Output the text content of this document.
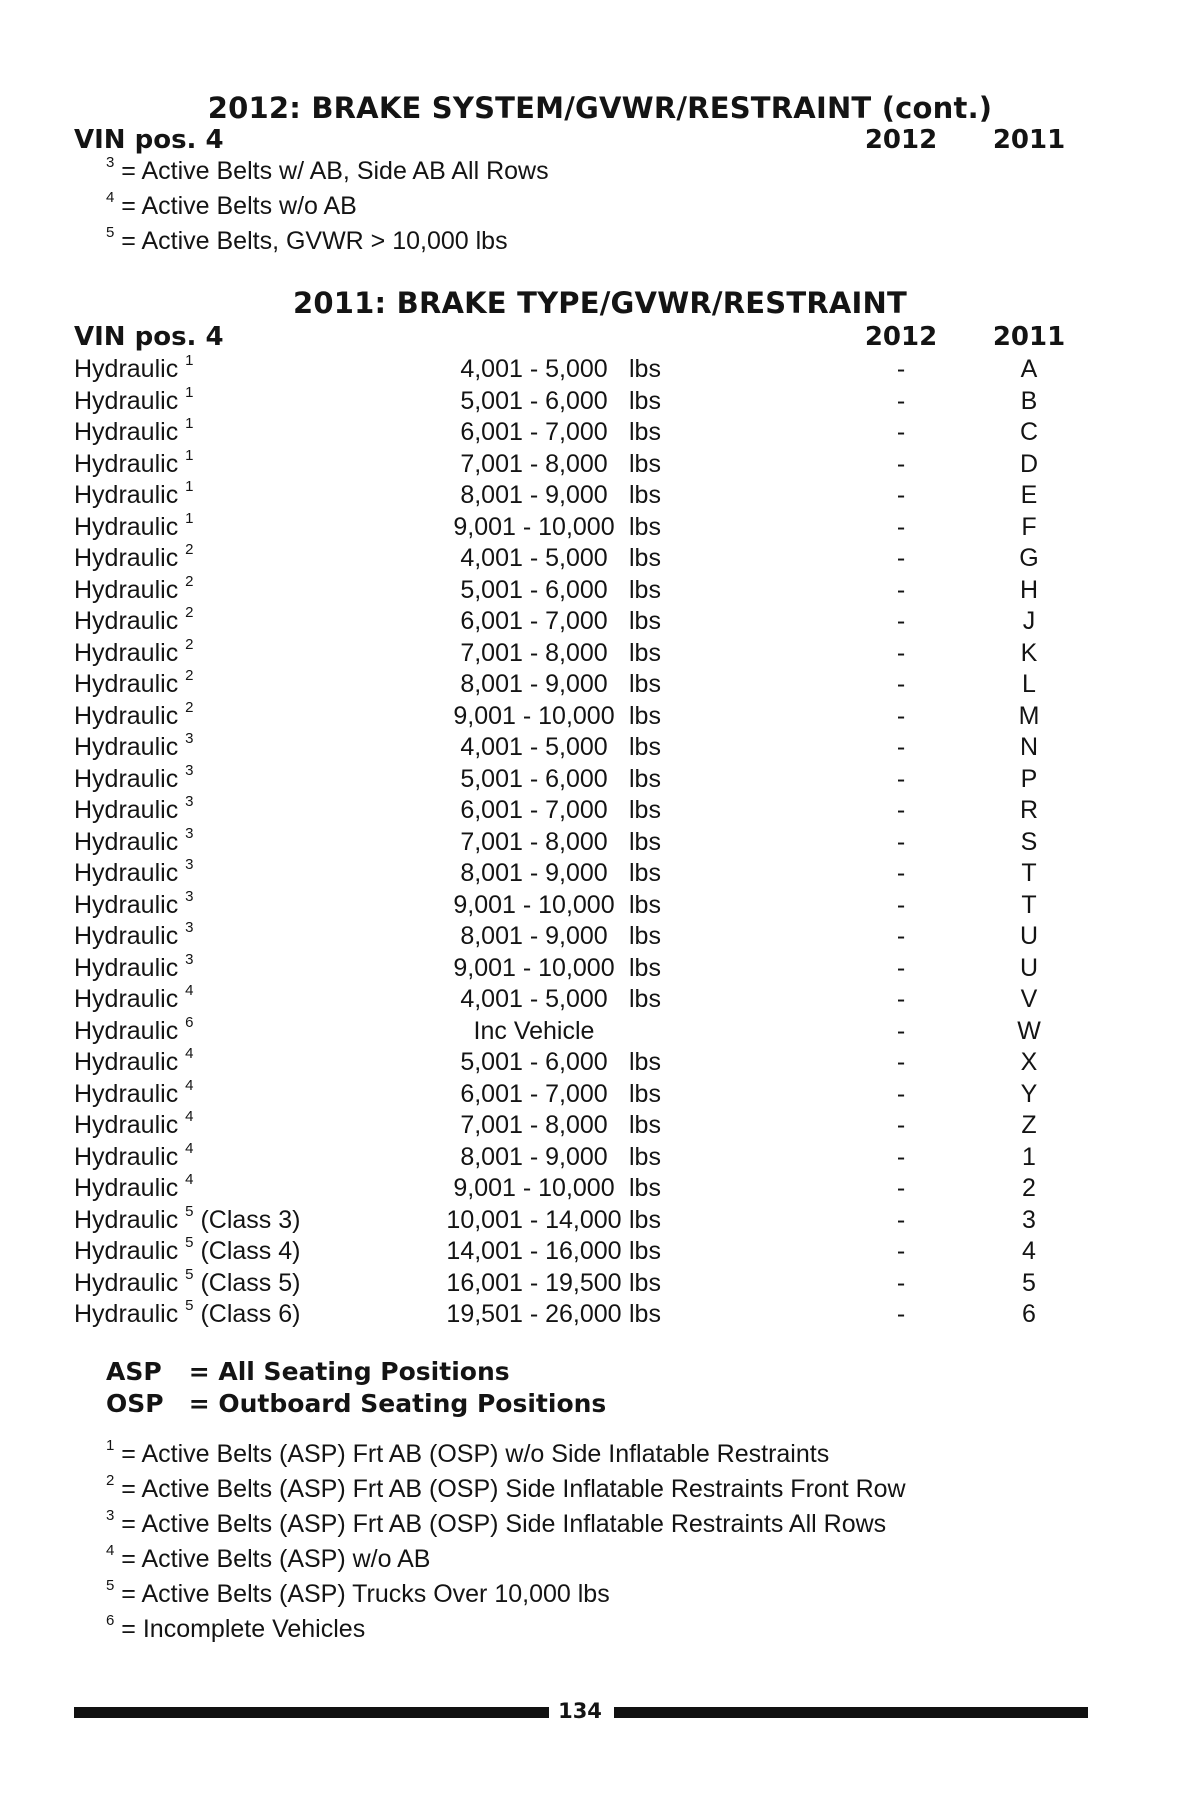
2012: BRAKE SYSTEM/GVWR/RESTRAINT (cont.)
VIN pos. 4	2012	2011
$^3$ = Active Belts w/ AB, Side AB All Rows
$^4$ = Active Belts w/o AB
$^5$ = Active Belts, GVWR > 10,000 lbs
2011: BRAKE TYPE/GVWR/RESTRAINT
VIN pos. 4	2012	2011
Hydraulic $^1$	4,001 - 5,000 lbs	-	A
Hydraulic $^1$	5,001 - 6,000 lbs	-	B
Hydraulic $^1$	6,001 - 7,000 lbs	-	C
Hydraulic $^1$	7,001 - 8,000 lbs	-	D
Hydraulic $^1$	8,001 - 9,000 lbs	-	E
Hydraulic $^1$	9,001 - 10,000 lbs	-	F
Hydraulic $^2$	4,001 - 5,000 lbs	-	G
Hydraulic $^2$	5,001 - 6,000 lbs	-	H
Hydraulic $^2$	6,001 - 7,000 lbs	-	J
Hydraulic $^2$	7,001 - 8,000 lbs	-	K
Hydraulic $^2$	8,001 - 9,000 lbs	-	L
Hydraulic $^2$	9,001 - 10,000 lbs	-	M
Hydraulic $^3$	4,001 - 5,000 lbs	-	N
Hydraulic $^3$	5,001 - 6,000 lbs	-	P
Hydraulic $^3$	6,001 - 7,000 lbs	-	R
Hydraulic $^3$	7,001 - 8,000 lbs	-	S
Hydraulic $^3$	8,001 - 9,000 lbs	-	T
Hydraulic $^3$	9,001 - 10,000 lbs	-	T
Hydraulic $^3$	8,001 - 9,000 lbs	-	U
Hydraulic $^3$	9,001 - 10,000 lbs	-	U
Hydraulic $^4$	4,001 - 5,000 lbs	-	V
Hydraulic $^6$	Inc Vehicle	-	W
Hydraulic $^4$	5,001 - 6,000 lbs	-	X
Hydraulic $^4$	6,001 - 7,000 lbs	-	Y
Hydraulic $^4$	7,001 - 8,000 lbs	-	Z
Hydraulic $^4$	8,001 - 9,000 lbs	-	1
Hydraulic $^4$	9,001 - 10,000 lbs	-	2
Hydraulic $^5$ (Class 3)	10,001 - 14,000 lbs	-	3
Hydraulic $^5$ (Class 4)	14,001 - 16,000 lbs	-	4
Hydraulic $^5$ (Class 5)	16,001 - 19,500 lbs	-	5
Hydraulic $^5$ (Class 6)	19,501 - 26,000 lbs	-	6
ASP = All Seating Positions
OSP = Outboard Seating Positions
$^1$ = Active Belts (ASP) Frt AB (OSP) w/o Side Inflatable Restraints
$^2$ = Active Belts (ASP) Frt AB (OSP) Side Inflatable Restraints Front Row
$^3$ = Active Belts (ASP) Frt AB (OSP) Side Inflatable Restraints All Rows
$^4$ = Active Belts (ASP) w/o AB
$^5$ = Active Belts (ASP) Trucks Over 10,000 lbs
$^6$ = Incomplete Vehicles
134
